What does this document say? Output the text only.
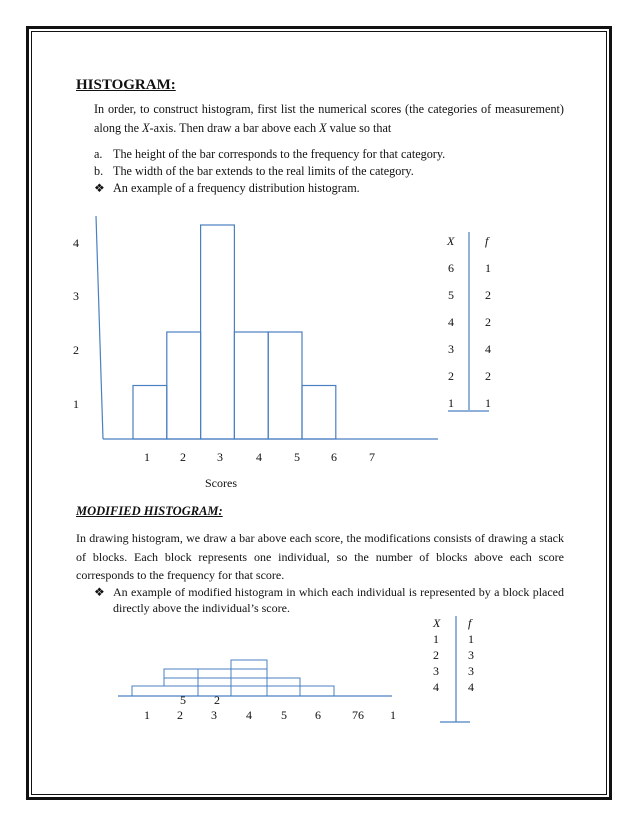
HISTOGRAM:
In order, to construct histogram, first list the numerical scores (the categories of measurement) along the X-axis. Then draw a bar above each X value so that
a. The height of the bar corresponds to the frequency for that category.
b. The width of the bar extends to the real limits of the category.
❖ An example of a frequency distribution histogram.
4
3
2
1
1	2	3	4	5	6	7
Scores
X	f
6	1
5	2
4	2
3	4
2	2
1	1
5 2
1 2 3 4 5 6	76 1
X f
1 1
2 3
3 3
4 4
MODIFIED HISTOGRAM:
In drawing histogram, we draw a bar above each score, the modifications consists of drawing a stack of blocks. Each block represents one individual, so the number of blocks above each score corresponds to the frequency for that score.
❖ An example of modified histogram in which each individual is represented by a block placed directly above the individual’s score.
